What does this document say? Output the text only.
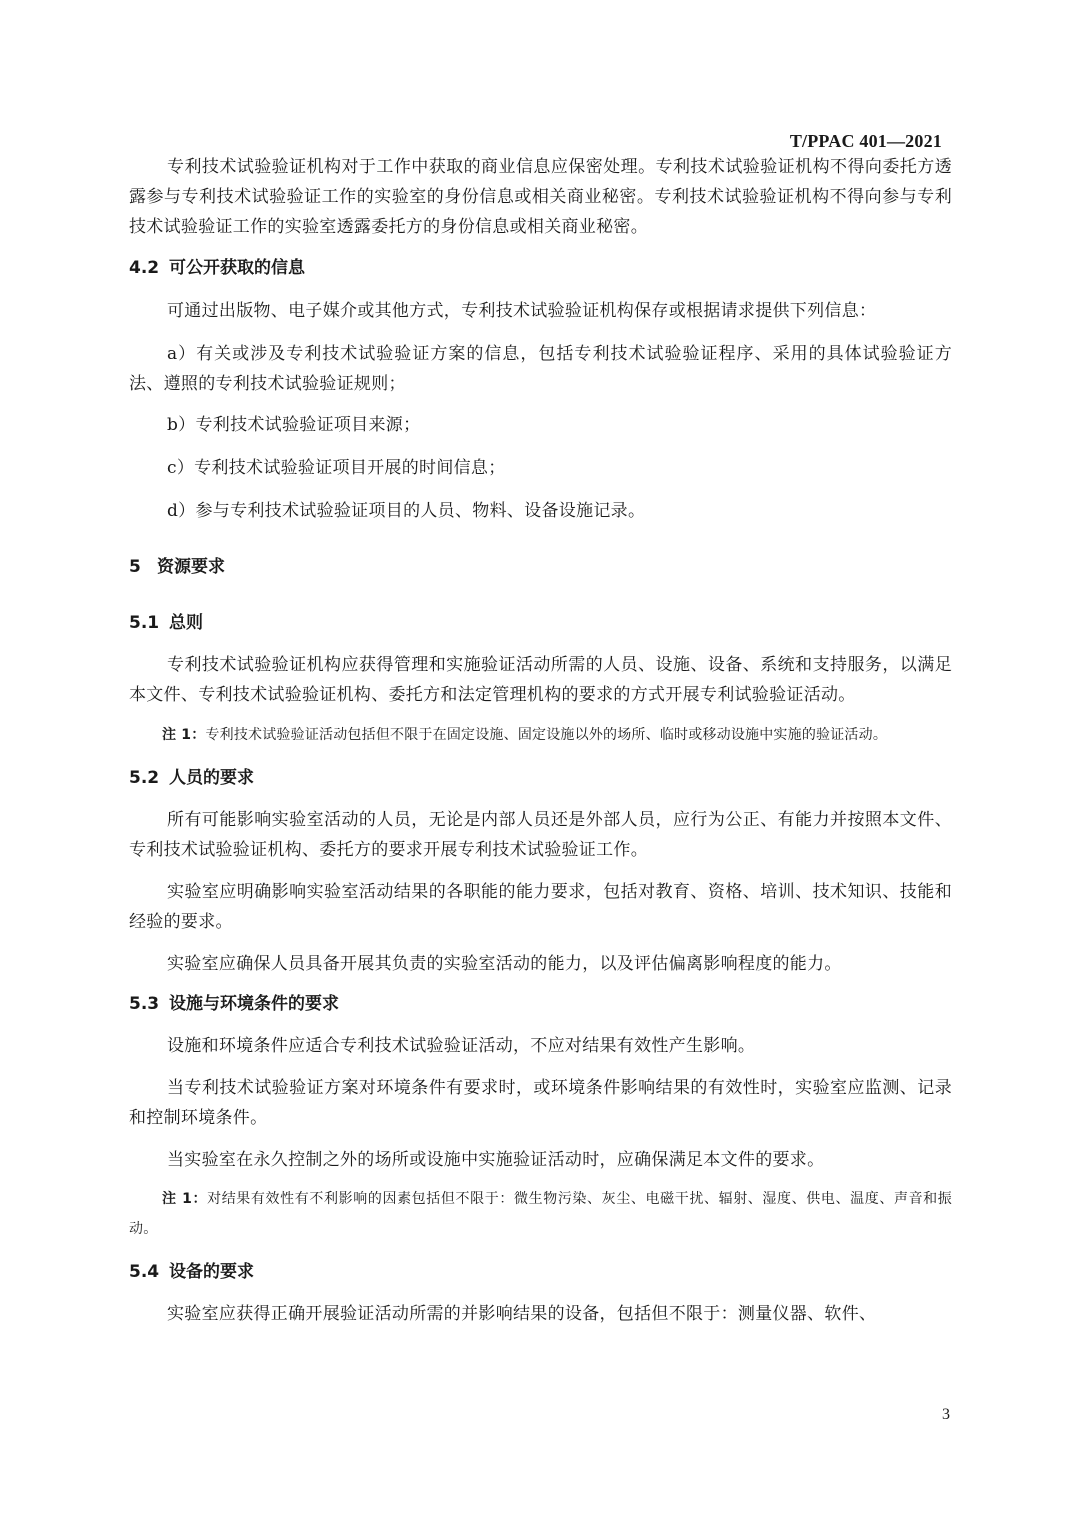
T/PPAC 401—2021

专利技术试验验证机构对于工作中获取的商业信息应保密处理。专利技术试验验证机构不得向委托方透露参与专利技术试验验证工作的实验室的身份信息或相关商业秘密。专利技术试验验证机构不得向参与专利技术试验验证工作的实验室透露委托方的身份信息或相关商业秘密。

4.2 可公开获取的信息

可通过出版物、电子媒介或其他方式，专利技术试验验证机构保存或根据请求提供下列信息：

a）有关或涉及专利技术试验验证方案的信息，包括专利技术试验验证程序、采用的具体试验验证方法、遵照的专利技术试验验证规则；

b）专利技术试验验证项目来源；

c）专利技术试验验证项目开展的时间信息；

d）参与专利技术试验验证项目的人员、物料、设备设施记录。

5 资源要求
5.1 总则

专利技术试验验证机构应获得管理和实施验证活动所需的人员、设施、设备、系统和支持服务，以满足本文件、专利技术试验验证机构、委托方和法定管理机构的要求的方式开展专利试验验证活动。

注 1：专利技术试验验证活动包括但不限于在固定设施、固定设施以外的场所、临时或移动设施中实施的验证活动。

5.2 人员的要求

所有可能影响实验室活动的人员，无论是内部人员还是外部人员，应行为公正、有能力并按照本文件、专利技术试验验证机构、委托方的要求开展专利技术试验验证工作。

实验室应明确影响实验室活动结果的各职能的能力要求，包括对教育、资格、培训、技术知识、技能和经验的要求。

实验室应确保人员具备开展其负责的实验室活动的能力，以及评估偏离影响程度的能力。

5.3 设施与环境条件的要求

设施和环境条件应适合专利技术试验验证活动，不应对结果有效性产生影响。

当专利技术试验验证方案对环境条件有要求时，或环境条件影响结果的有效性时，实验室应监测、记录和控制环境条件。

当实验室在永久控制之外的场所或设施中实施验证活动时，应确保满足本文件的要求。

注 1：对结果有效性有不利影响的因素包括但不限于：微生物污染、灰尘、电磁干扰、辐射、湿度、供电、温度、声音和振动。

5.4 设备的要求

实验室应获得正确开展验证活动所需的并影响结果的设备，包括但不限于：测量仪器、软件、

3
